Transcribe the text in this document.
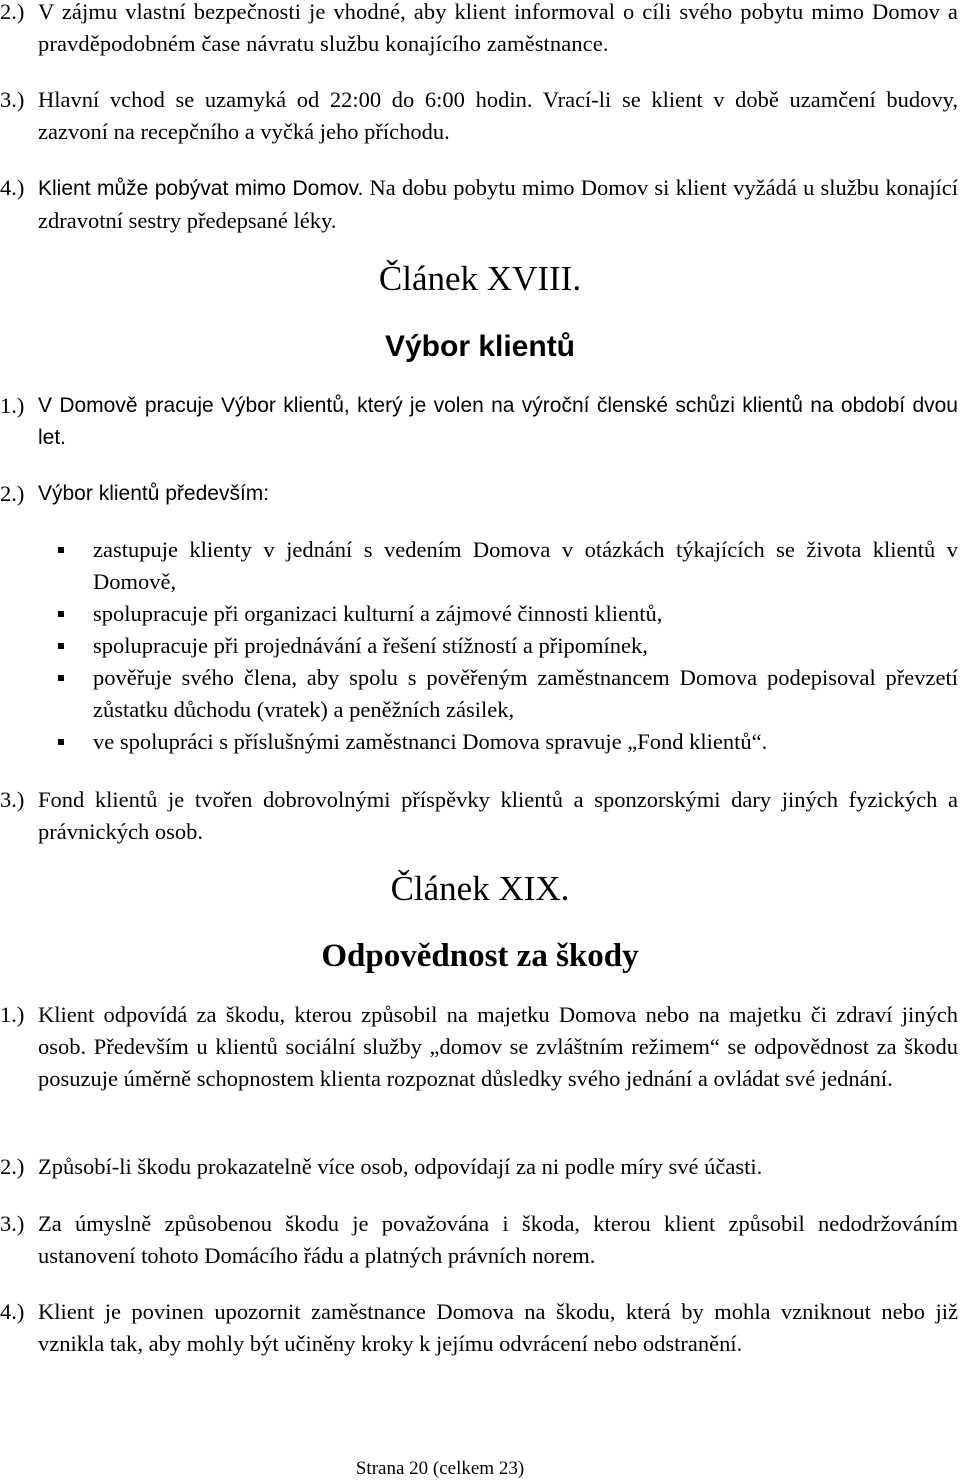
2.) V zájmu vlastní bezpečnosti je vhodné, aby klient informoval o cíli svého pobytu mimo Domov a pravděpodobném čase návratu službu konajícího zaměstnance.
3.) Hlavní vchod se uzamyká od 22:00 do 6:00 hodin. Vrací-li se klient v době uzamčení budovy, zazvoní na recepčního a vyčká jeho příchodu.
4.) Klient může pobývat mimo Domov. Na dobu pobytu mimo Domov si klient vyžádá u službu konající zdravotní sestry předepsané léky.
Článek XVIII.
Výbor klientů
1.) V Domově pracuje Výbor klientů, který je volen na výroční členské schůzi klientů na období dvou let.
2.) Výbor klientů především:
zastupuje klienty v jednání s vedením Domova v otázkách týkajících se života klientů v Domově,
spolupracuje při organizaci kulturní a zájmové činnosti klientů,
spolupracuje při projednávání a řešení stížností a připomínek,
pověřuje svého člena, aby spolu s pověřeným zaměstnancem Domova podepisoval převzetí zůstatku důchodu (vratek) a peněžních zásilek,
ve spolupráci s příslušnými zaměstnanci Domova spravuje „Fond klientů“.
3.) Fond klientů je tvořen dobrovolnými příspěvky klientů a sponzorskými dary jiných fyzických a právnických osob.
Článek XIX.
Odpovědnost za škody
1.) Klient odpovídá za škodu, kterou způsobil na majetku Domova nebo na majetku či zdraví jiných osob. Především u klientů sociální služby „domov se zvláštním režimem“ se odpovědnost za škodu posuzuje úměrně schopnostem klienta rozpoznat důsledky svého jednání a ovládat své jednání.
2.) Způsobí-li škodu prokazatelně více osob, odpovídají za ni podle míry své účasti.
3.) Za úmyslně způsobenou škodu je považována i škoda, kterou klient způsobil nedodržováním ustanovení tohoto Domácího řádu a platných právních norem.
4.) Klient je povinen upozornit zaměstnance Domova na škodu, která by mohla vzniknout nebo již vznikla tak, aby mohly být učiněny kroky k jejímu odvrácení nebo odstranění.
Strana 20 (celkem 23)
